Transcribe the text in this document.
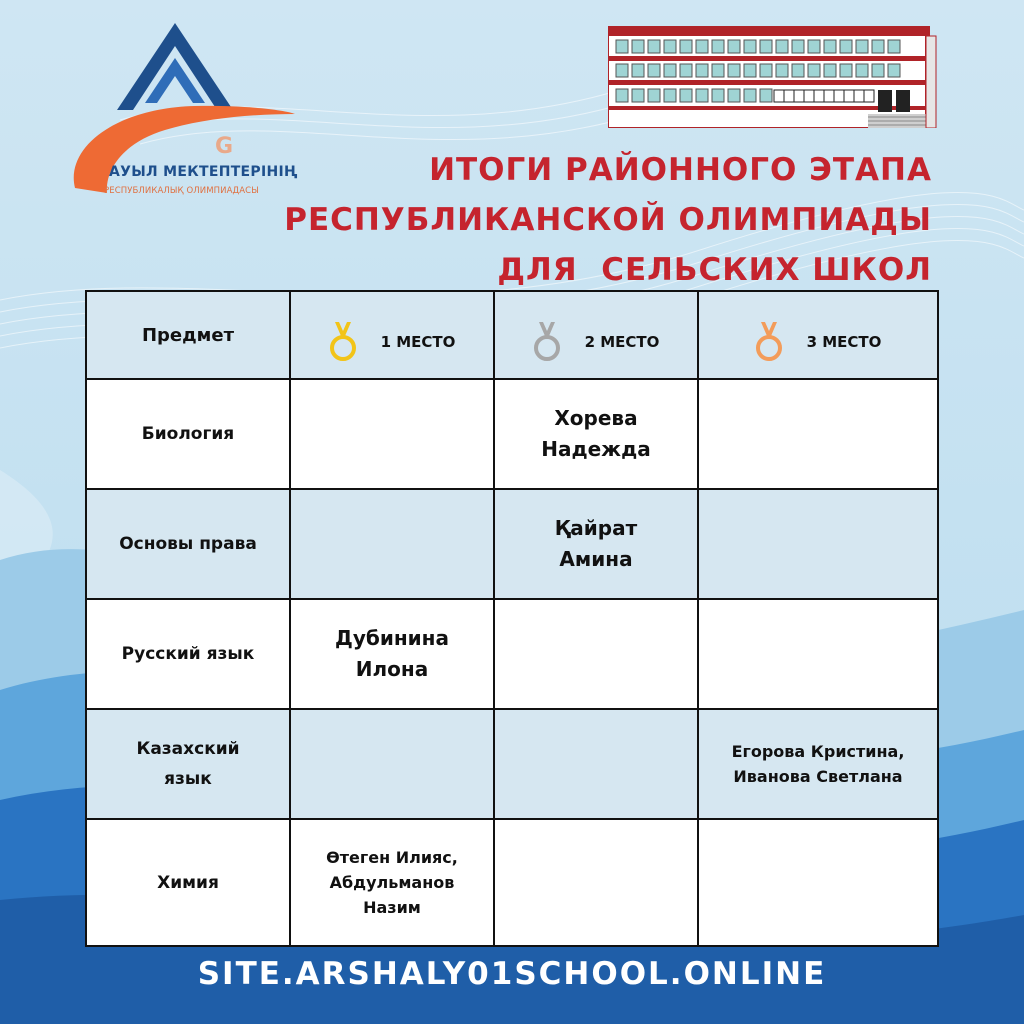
G
АУЫЛ МЕКТЕПТЕРІНІҢ
РЕСПУБЛИКАЛЫҚ ОЛИМПИАДАСЫ
ИТОГИ РАЙОННОГО ЭТАПА
РЕСПУБЛИКАНСКОЙ ОЛИМПИАДЫ
ДЛЯ  СЕЛЬСКИХ ШКОЛ
Предмет	1 МЕСТО	2 МЕСТО	3 МЕСТО

Биология		Хорева Надежда	
Основы права		Қайрат Амина	
Русский язык	Дубинина Илона		
Казахский язык			Егорова Кристина, Иванова Светлана
Химия	Өтеген Илияс, Абдульманов Назим		
SITE.ARSHALY01SCHOOL.ONLINE
